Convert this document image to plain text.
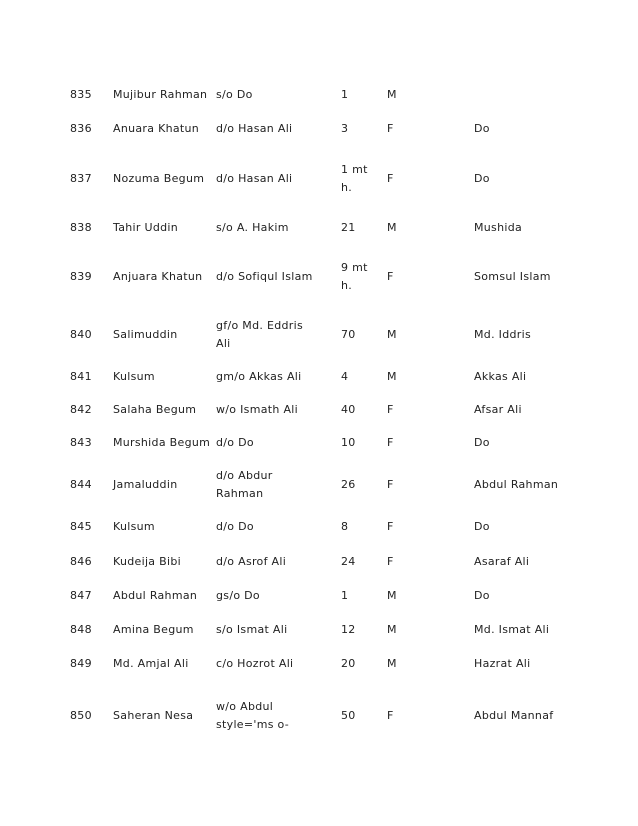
835	Mujibur Rahman	s/o Do	1	M	
836	Anuara Khatun	d/o Hasan Ali	3	F	Do
837	Nozuma Begum	d/o Hasan Ali	1 mt h.	F	Do
838	Tahir Uddin	s/o A. Hakim	21	M	Mushida
839	Anjuara Khatun	d/o Sofiqul Islam	9 mt h.	F	Somsul Islam
840	Salimuddin	gf/o Md. Eddris Ali	70	M	Md. Iddris
841	Kulsum	gm/o Akkas Ali	4	M	Akkas Ali
842	Salaha Begum	w/o Ismath Ali	40	F	Afsar Ali
843	Murshida Begum	d/o Do	10	F	Do
844	Jamaluddin	d/o Abdur Rahman	26	F	Abdul Rahman
845	Kulsum	d/o Do	8	F	Do
846	Kudeija Bibi	d/o Asrof Ali	24	F	Asaraf Ali
847	Abdul Rahman	gs/o Do	1	M	Do
848	Amina Begum	s/o Ismat Ali	12	M	Md. Ismat Ali
849	Md. Amjal Ali	c/o Hozrot Ali	20	M	Hazrat Ali
850	Saheran Nesa	w/o Abdul style='ms o-	50	F	Abdul Mannaf
